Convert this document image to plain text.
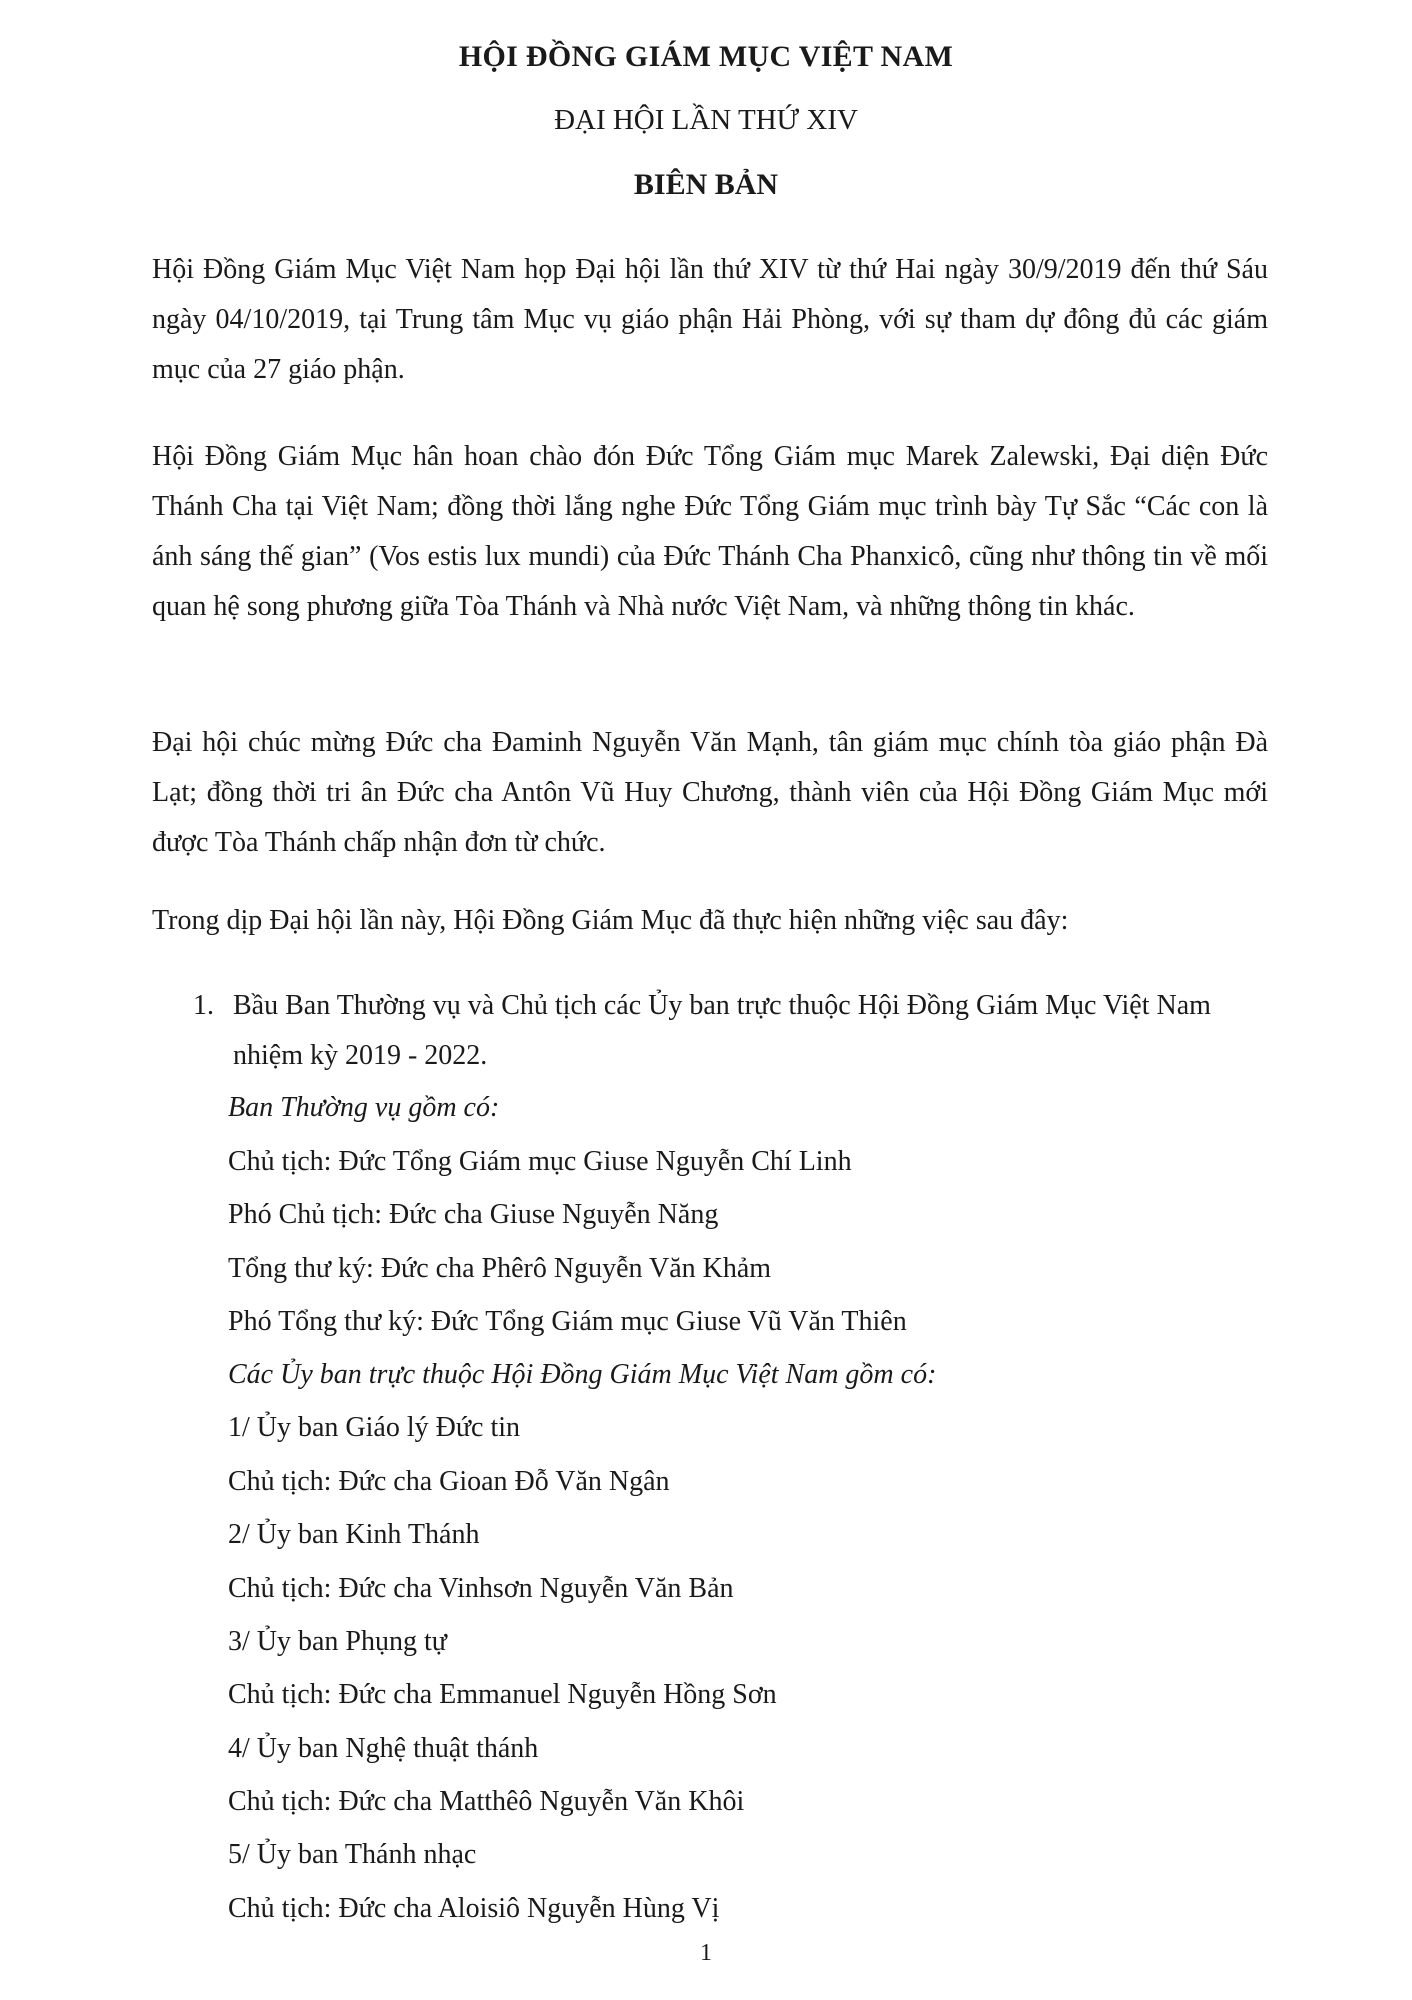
HỘI ĐỒNG GIÁM MỤC VIỆT NAM
ĐẠI HỘI LẦN THỨ XIV
BIÊN BẢN

Hội Đồng Giám Mục Việt Nam họp Đại hội lần thứ XIV từ thứ Hai ngày 30/9/2019 đến thứ Sáu ngày 04/10/2019, tại Trung tâm Mục vụ giáo phận Hải Phòng, với sự tham dự đông đủ các giám mục của 27 giáo phận.

Hội Đồng Giám Mục hân hoan chào đón Đức Tổng Giám mục Marek Zalewski, Đại diện Đức Thánh Cha tại Việt Nam; đồng thời lắng nghe Đức Tổng Giám mục trình bày Tự Sắc “Các con là ánh sáng thế gian” (Vos estis lux mundi) của Đức Thánh Cha Phanxicô, cũng như thông tin về mối quan hệ song phương giữa Tòa Thánh và Nhà nước Việt Nam, và những thông tin khác.

Đại hội chúc mừng Đức cha Đaminh Nguyễn Văn Mạnh, tân giám mục chính tòa giáo phận Đà Lạt; đồng thời tri ân Đức cha Antôn Vũ Huy Chương, thành viên của Hội Đồng Giám Mục mới được Tòa Thánh chấp nhận đơn từ chức.

Trong dịp Đại hội lần này, Hội Đồng Giám Mục đã thực hiện những việc sau đây:

1. Bầu Ban Thường vụ và Chủ tịch các Ủy ban trực thuộc Hội Đồng Giám Mục Việt Nam nhiệm kỳ 2019 - 2022.
Ban Thường vụ gồm có:
Chủ tịch: Đức Tổng Giám mục Giuse Nguyễn Chí Linh
Phó Chủ tịch: Đức cha Giuse Nguyễn Năng
Tổng thư ký: Đức cha Phêrô Nguyễn Văn Khảm
Phó Tổng thư ký: Đức Tổng Giám mục Giuse Vũ Văn Thiên
Các Ủy ban trực thuộc Hội Đồng Giám Mục Việt Nam gồm có:
1/ Ủy ban Giáo lý Đức tin
Chủ tịch: Đức cha Gioan Đỗ Văn Ngân
2/ Ủy ban Kinh Thánh
Chủ tịch: Đức cha Vinhsơn Nguyễn Văn Bản
3/ Ủy ban Phụng tự
Chủ tịch: Đức cha Emmanuel Nguyễn Hồng Sơn
4/ Ủy ban Nghệ thuật thánh
Chủ tịch: Đức cha Matthêô Nguyễn Văn Khôi
5/ Ủy ban Thánh nhạc
Chủ tịch: Đức cha Aloisiô Nguyễn Hùng Vị
1
